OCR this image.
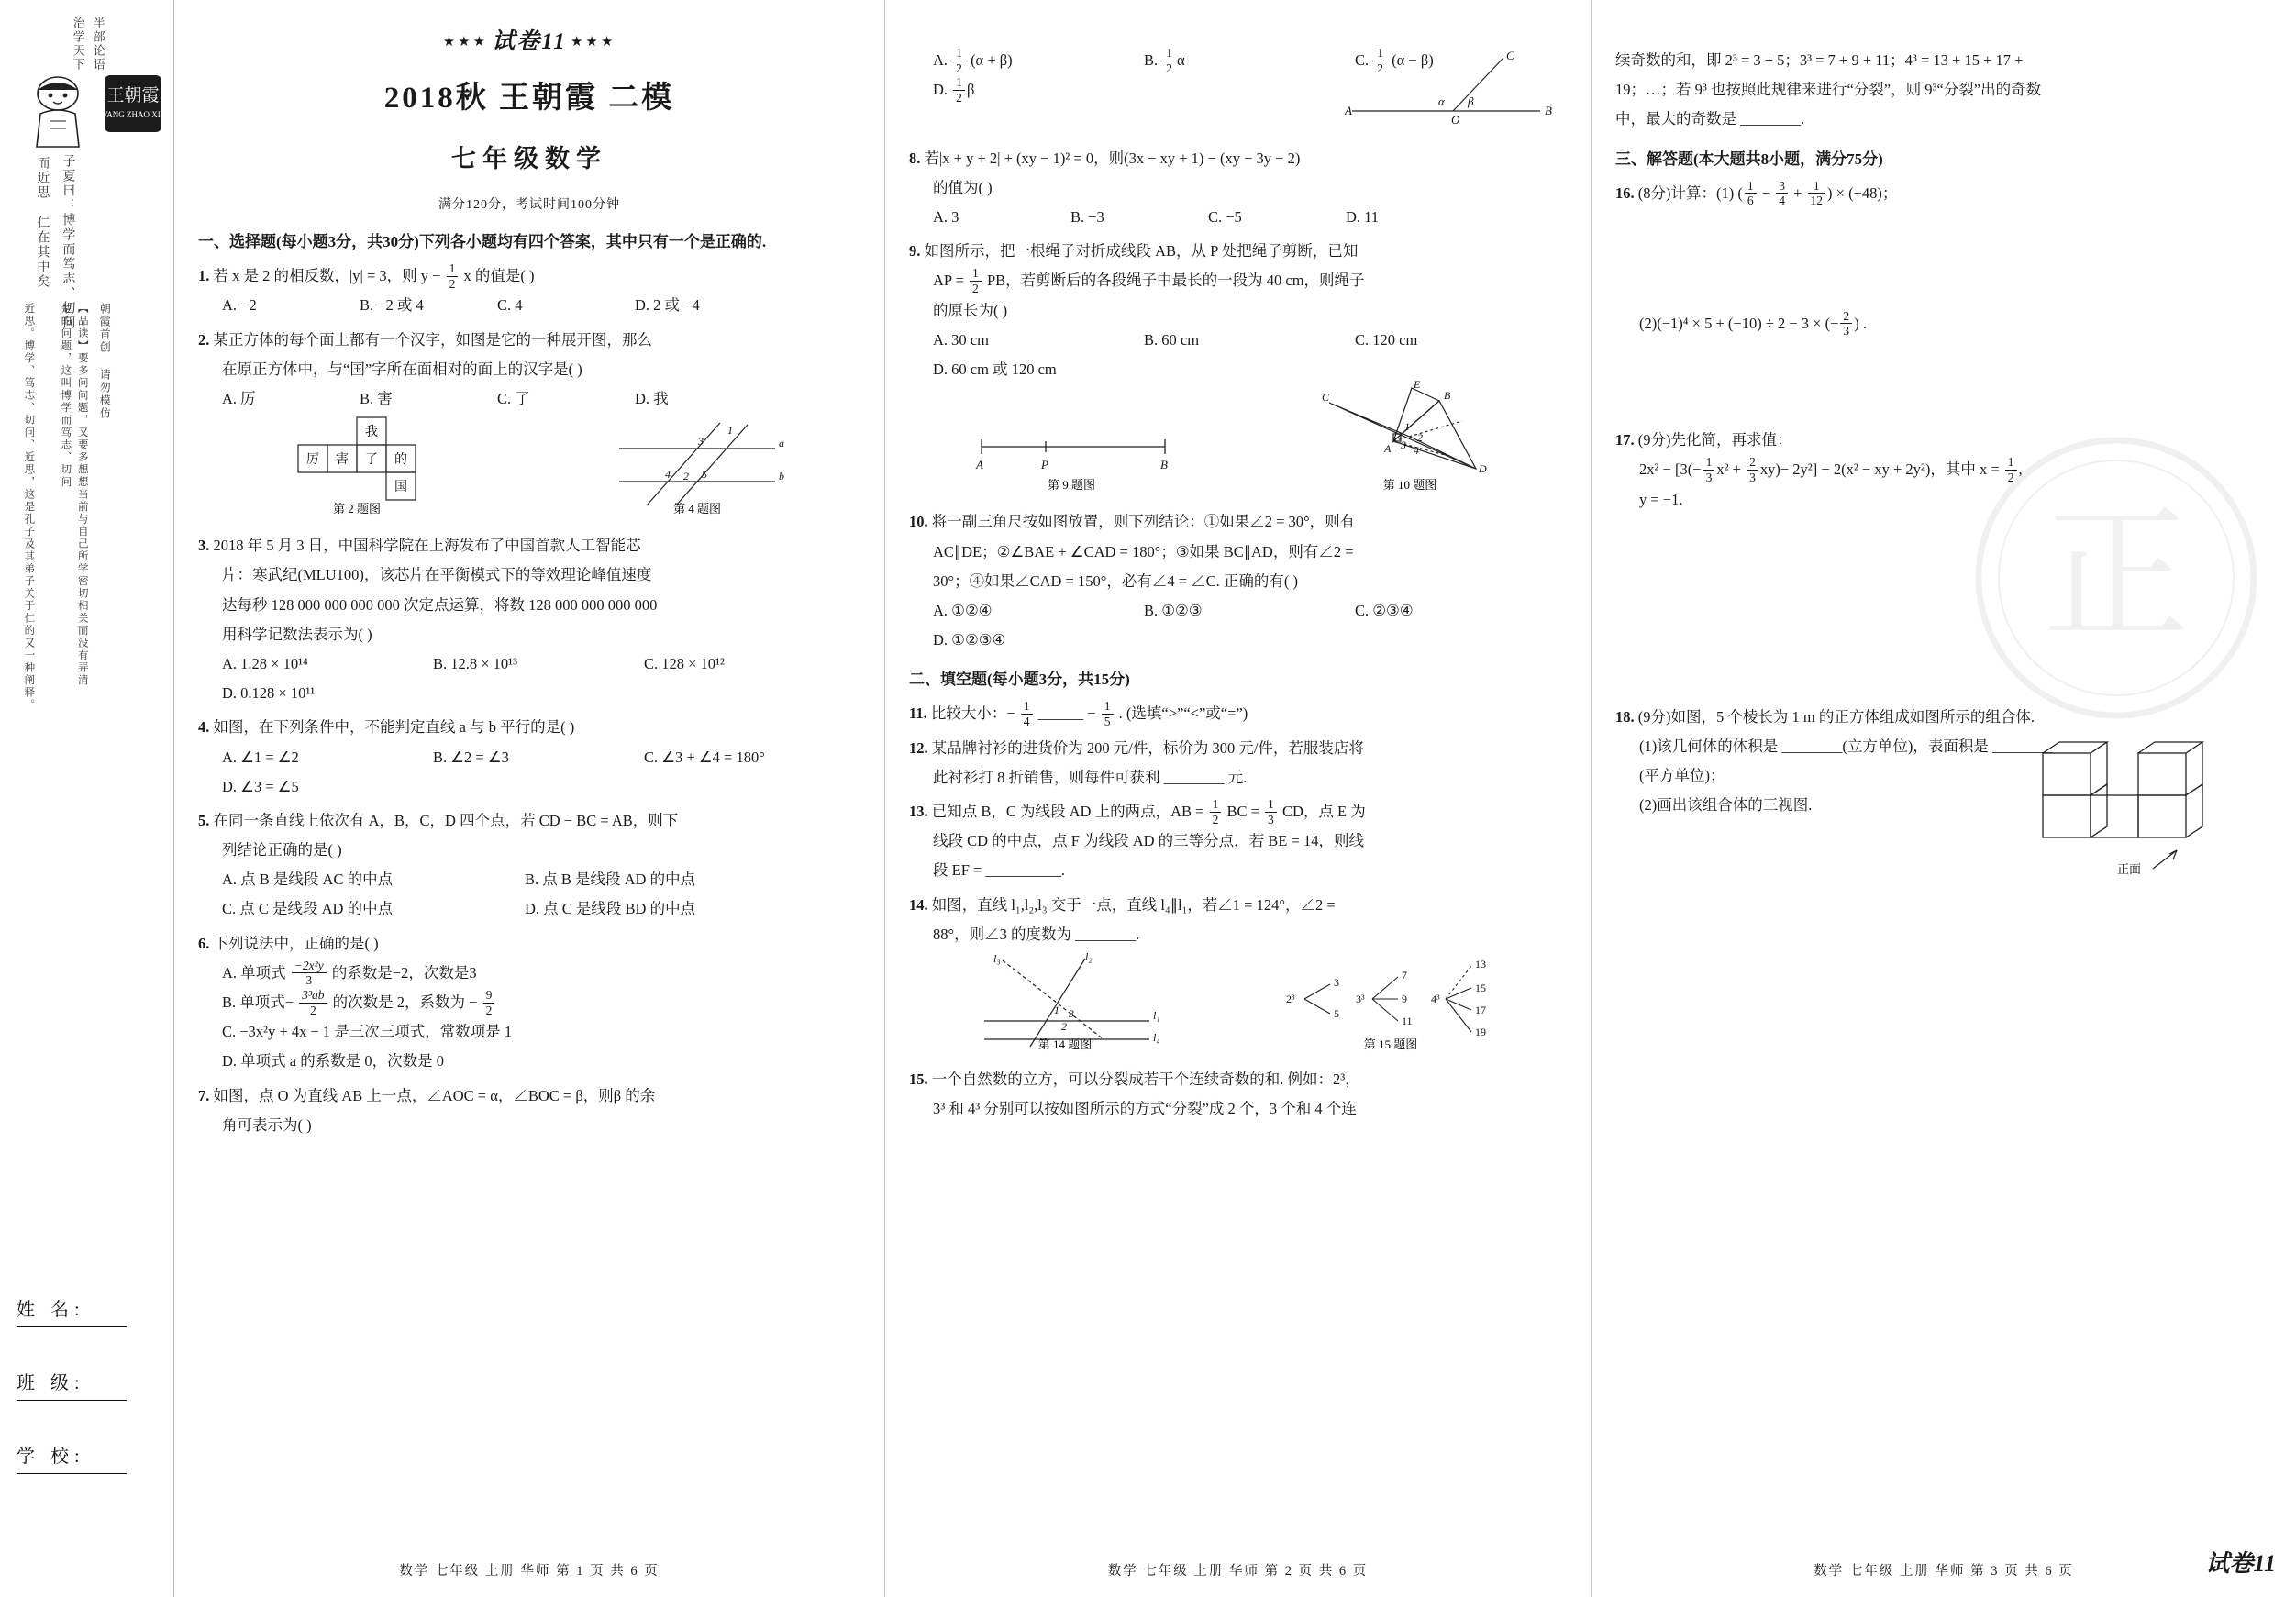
王朝霞
WANG ZHAO XIA
治学天下 半部论语
而近思 仁在其中矣 子夏曰：博学而笃志、切问
朝霞首创 请勿模仿
【品读】要多问问题，又要多想想当前与自己所学密切相关而没有弄清楚的问题，这叫博学而笃志、切问
近思。博学、笃志、切问、近思，这是孔子及其弟子关于仁的又一种阐释。
姓 名:
班 级:
学 校:
★★★ 试卷11 ★★★
2018秋 王朝霞 二模
七年级数学
满分120分，考试时间100分钟
一、选择题(每小题3分，共30分)下列各小题均有四个答案，其中只有一个是正确的.
1. 若 x 是 2 的相反数，|y| = 3，则 $y - \frac{1}{2}$ x 的值是( )
A. −2	B. −2 或 4	C. 4	D. 2 或 −4
2. 某正方体的每个面上都有一个汉字，如图是它的一种展开图，那么
在原正方体中，与“国”字所在面相对的面上的汉字是( )
A. 厉	B. 害	C. 了	D. 我
我
厉 害 了 的
国
第 2 题图
1
3
4 2 5
a
b
第 4 题图
3. 2018 年 5 月 3 日，中国科学院在上海发布了中国首款人工智能芯
片：寒武纪(MLU100)，该芯片在平衡模式下的等效理论峰值速度
达每秒 128 000 000 000 000 次定点运算，将数 128 000 000 000 000
用科学记数法表示为( )
A. 1.28 × 10¹⁴	B. 12.8 × 10¹³	C. 128 × 10¹²
D. 0.128 × 10¹¹
4. 如图，在下列条件中，不能判定直线 a 与 b 平行的是( )
A. ∠1 = ∠2	B. ∠2 = ∠3	C. ∠3 + ∠4 = 180°
D. ∠3 = ∠5
5. 在同一条直线上依次有 A，B，C，D 四个点，若 CD − BC = AB，则下
列结论正确的是( )
A. 点 B 是线段 AC 的中点	B. 点 B 是线段 AD 的中点
C. 点 C 是线段 AD 的中点	D. 点 C 是线段 BD 的中点
6. 下列说法中，正确的是( )
A. 单项式 $\frac{\text{−2x²y}}{3}$ 的系数是−2，次数是3
B. 单项式− $\frac{\text{3³ab}}{2}$ 的次数是 2，系数为 − $\frac{9}{2}$
C. −3x²y + 4x − 1 是三次三项式，常数项是 1
D. 单项式 a 的系数是 0，次数是 0
7. 如图，点 O 为直线 AB 上一点，∠AOC = α，∠BOC = β，则β 的余
角可表示为( )
数学 七年级 上册 华师 第 1 页 共 6 页
A. $\frac{1}{2} (\alpha + \beta)$	B. $\frac{1}{2}$ α	C. $\frac{1}{2} (\alpha - \beta)$
D. $\frac{1}{2}$ β
C
A
O
B
α β
8. 若|x + y + 2| + (xy − 1)² = 0，则(3x − xy + 1) − (xy − 3y − 2)
的值为( )
A. 3	B. −3	C. −5	D. 11
9. 如图所示，把一根绳子对折成线段 AB，从 P 处把绳子剪断，已知
AP = $\frac{1}{2}$ PB，若剪断后的各段绳子中最长的一段为 40 cm，则绳子
的原长为( )
A. 30 cm	B. 60 cm	C. 120 cm
D. 60 cm 或 120 cm
A	P	B
第 9 题图
E
C	B
A
D
1
2
3 4
第 10 题图
10. 将一副三角尺按如图放置，则下列结论：①如果∠2 = 30°，则有
AC∥DE；②∠BAE + ∠CAD = 180°；③如果 BC∥AD，则有∠2 =
30°；④如果∠CAD = 150°，必有∠4 = ∠C. 正确的有( )
A. ①②④	B. ①②③	C. ②③④
D. ①②③④
二、填空题(每小题3分，共15分)
11. 比较大小：− $\frac{1}{4}$ ______ − $\frac{1}{5}$ . (选填“>”“<”或“=”)
12. 某品牌衬衫的进货价为 200 元/件，标价为 300 元/件，若服装店将
此衬衫打 8 折销售，则每件可获利 ________ 元.
13. 已知点 B，C 为线段 AD 上的两点，AB = $\frac{1}{2}$ BC = $\frac{1}{3}$ CD，点 E 为
线段 CD 的中点，点 F 为线段 AD 的三等分点，若 BE = 14，则线
段 EF = __________.
14. 如图，直线 l₁,l₂,l₃ 交于一点，直线 l₄∥l₁，若∠1 = 124°，∠2 =
88°，则∠3 的度数为 ________.
l₃	l₂
1
2
3	l₁
l₄
第 14 题图
2³
3
5
3³
7
9
11
4³
13
15
17
19
第 15 题图
15. 一个自然数的立方，可以分裂成若干个连续奇数的和. 例如：2³，
3³ 和 4³ 分别可以按如图所示的方式“分裂”成 2 个，3 个和 4 个连
数学 七年级 上册 华师 第 2 页 共 6 页
正
续奇数的和，即 2³ = 3 + 5；3³ = 7 + 9 + 11；4³ = 13 + 15 + 17 +
19；…；若 9³ 也按照此规律来进行“分裂”，则 9³“分裂”出的奇数
中，最大的奇数是 ________.
三、解答题(本大题共8小题，满分75分)
16. (8分)计算：(1) ( $\frac{1}{6} - \frac{3}{4} + \frac{1}{12}$ ) × (−48)；
(2)(−1)⁴ × 5 + (−10) ÷ 2 − 3 × (− $\frac{2}{3}$ ) .
17. (9分)先化简，再求值：
$2x^2 - [3(- \frac{1}{3} x^2 + \frac{2}{3} xy)- 2y^2] - 2(x^2$ − xy + 2y²)，其中 $x = \frac{1}{2}$ ,
y = −1.
18. (9分)如图，5 个棱长为 1 m 的正方体组成如图所示的组合体.
(1)该几何体的体积是 ________(立方单位)，表面积是 ________
(平方单位)；
(2)画出该组合体的三视图.
正面
数学 七年级 上册 华师 第 3 页 共 6 页	试卷11
